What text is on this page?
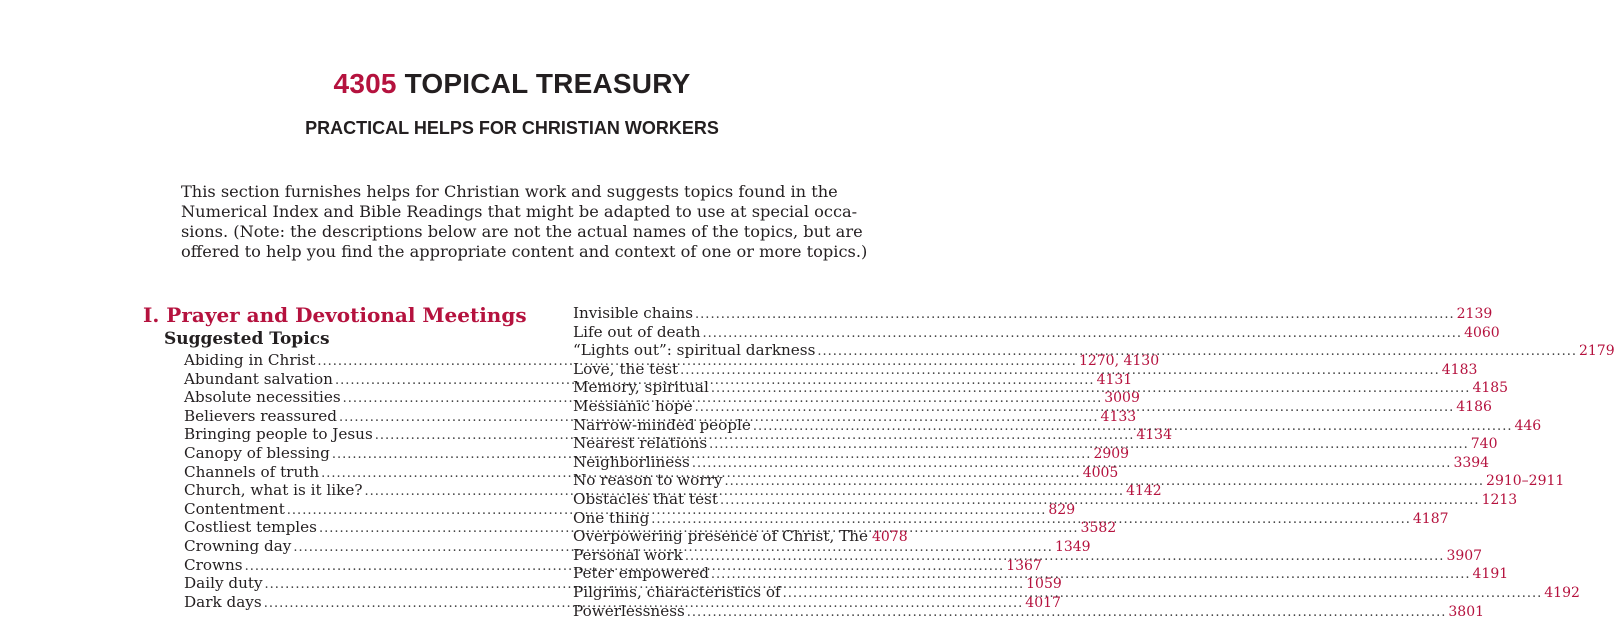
4305 TOPICAL TREASURY
PRACTICAL HELPS FOR CHRISTIAN WORKERS
This section furnishes helps for Christian work and suggests topics found in the
Numerical Index and Bible Readings that might be adapted to use at special occa-
sions. (Note: the descriptions below are not the actual names of the topics, but are
offered to help you find the appropriate content and context of one or more topics.)
I. Prayer and Devotional Meetings
Suggested Topics
Abiding in Christ .....	1270, 4130
Abundant salvation .....	4131
Absolute necessities .....	3009
Believers reassured .....	4133
Bringing people to Jesus .....	4134
Canopy of blessing .....	2909
Channels of truth .....	4005
Church, what is it like? .....	4142
Contentment .....	829
Costliest temples .....	3582
Crowning day .....	1349
Crowns .....	1367
Daily duty .....	1059
Dark days .....	4017
Invisible chains .....	2139
Life out of death .....	4060
“Lights out”: spiritual darkness .....	2179
Love, the test .....	4183
Memory, spiritual .....	4185
Messianic hope .....	4186
Narrow-minded people .....	446
Nearest relations .....	740
Neighborliness .....	3394
No reason to worry .....	2910–2911
Obstacles that test .....	1213
One thing .....	4187
Overpowering presence of Christ, The 4078
Personal work .....	3907
Peter empowered .....	4191
Pilgrims, characteristics of .....	4192
Powerlessness .....	3801
